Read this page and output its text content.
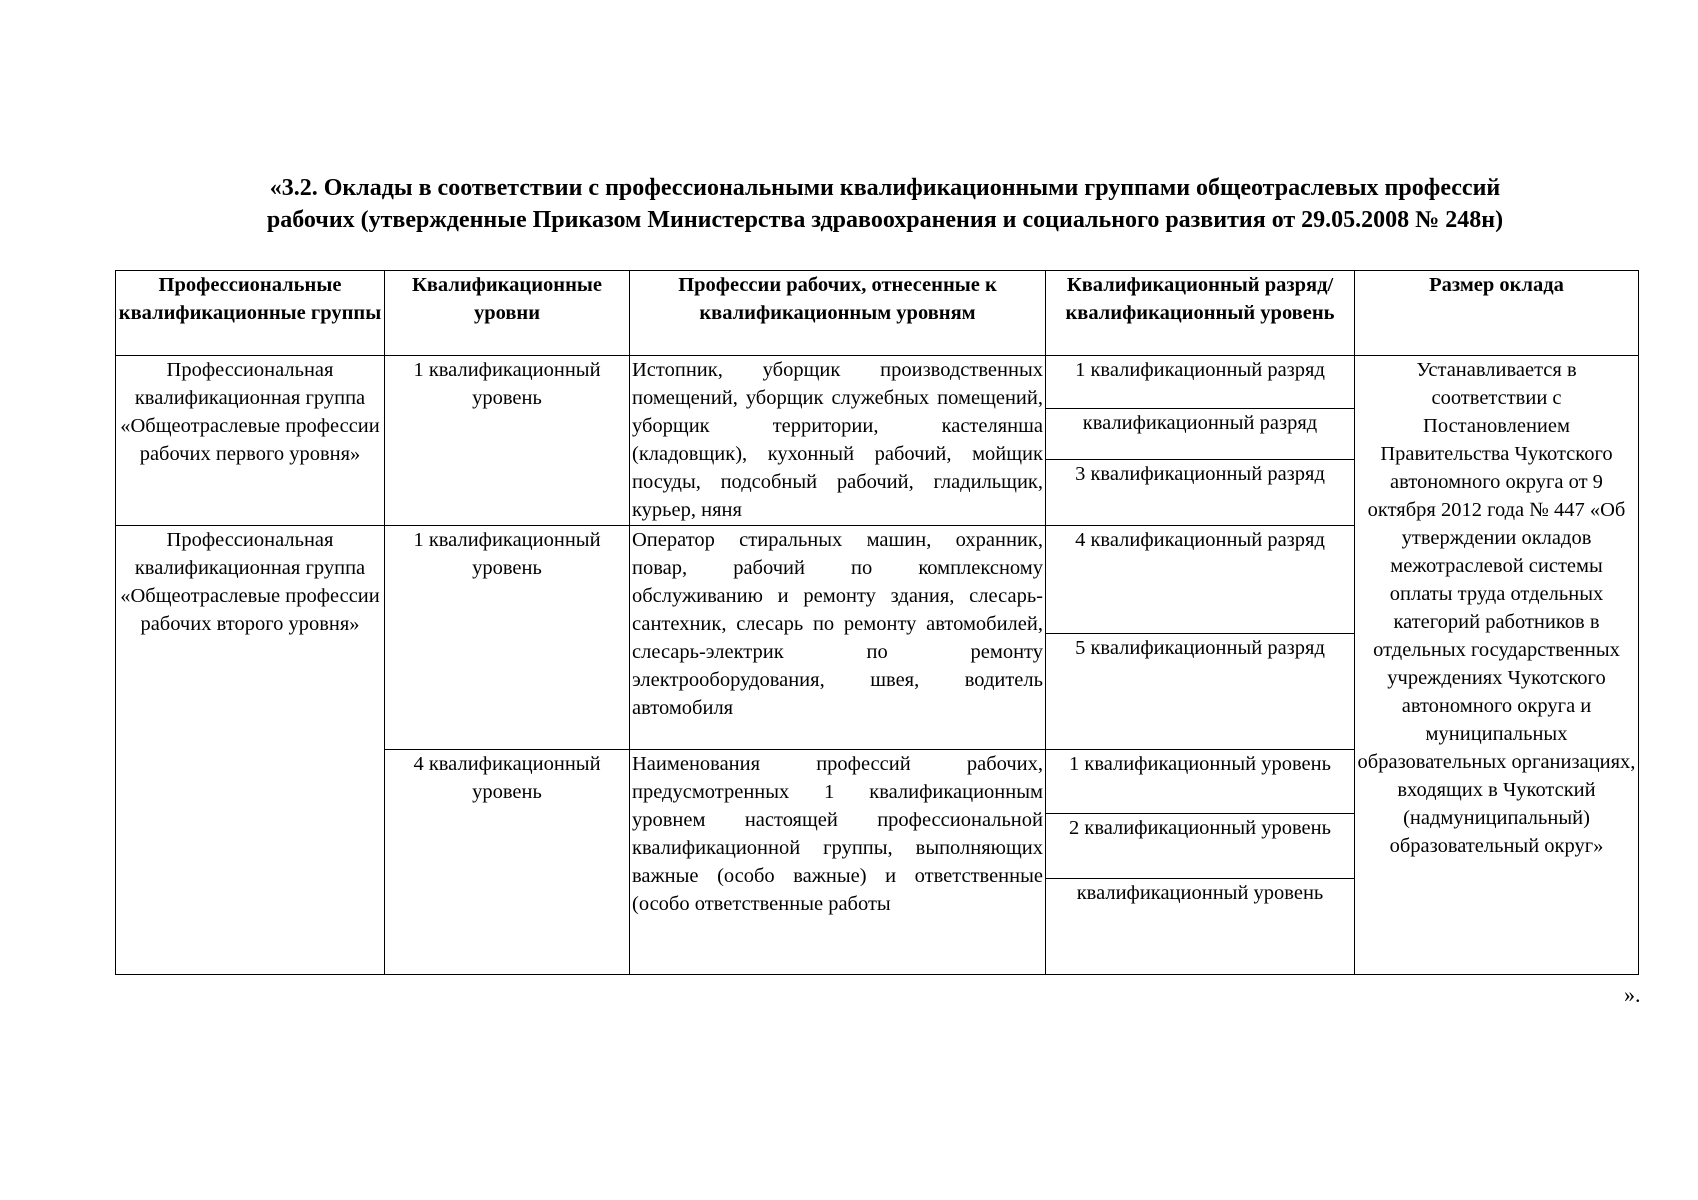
«3.2. Оклады в соответствии с профессиональными квалификационными группами общеотраслевых профессий
рабочих (утвержденные Приказом Министерства здравоохранения и социального развития от 29.05.2008 № 248н)
Профессиональные квалификационные группы	Квалификационные уровни	Профессии рабочих, отнесенные к квалификационным уровням	Квалификационный разряд/квалификационный уровень	Размер оклада
Профессиональная квалификационная группа «Общеотраслевые профессии рабочих первого уровня»	1 квалификационный уровень	Истопник, уборщик производственных помещений, уборщик служебных помещений, уборщик территории, кастелянша (кладовщик), кухонный рабочий, мойщик посуды, подсобный рабочий, гладильщик, курьер, няня	1 квалификационный разряд	Устанавливается в соответствии с Постановлением Правительства Чукотского автономного округа от 9 октября 2012 года № 447 «Об утверждении окладов межотраслевой системы оплаты труда отдельных категорий работников в отдельных государственных учреждениях Чукотского автономного округа и муниципальных образовательных организациях, входящих в Чукотский (надмуниципальный) образовательный округ»
			квалификационный разряд	
			3 квалификационный разряд	
Профессиональная квалификационная группа «Общеотраслевые профессии рабочих второго уровня»	1 квалификационный уровень	Оператор стиральных машин, охранник, повар, рабочий по комплексному обслуживанию и ремонту здания, слесарь-сантехник, слесарь по ремонту автомобилей, слесарь-электрик по ремонту электрооборудования, швея, водитель автомобиля	4 квалификационный разряд	
			5 квалификационный разряд	
	4 квалификационный уровень	Наименования профессий рабочих, предусмотренных 1 квалификационным уровнем настоящей профессиональной квалификационной группы, выполняющих важные (особо важные) и ответственные (особо ответственные работы	1 квалификационный уровень	
			2 квалификационный уровень	
			квалификационный уровень	
».
